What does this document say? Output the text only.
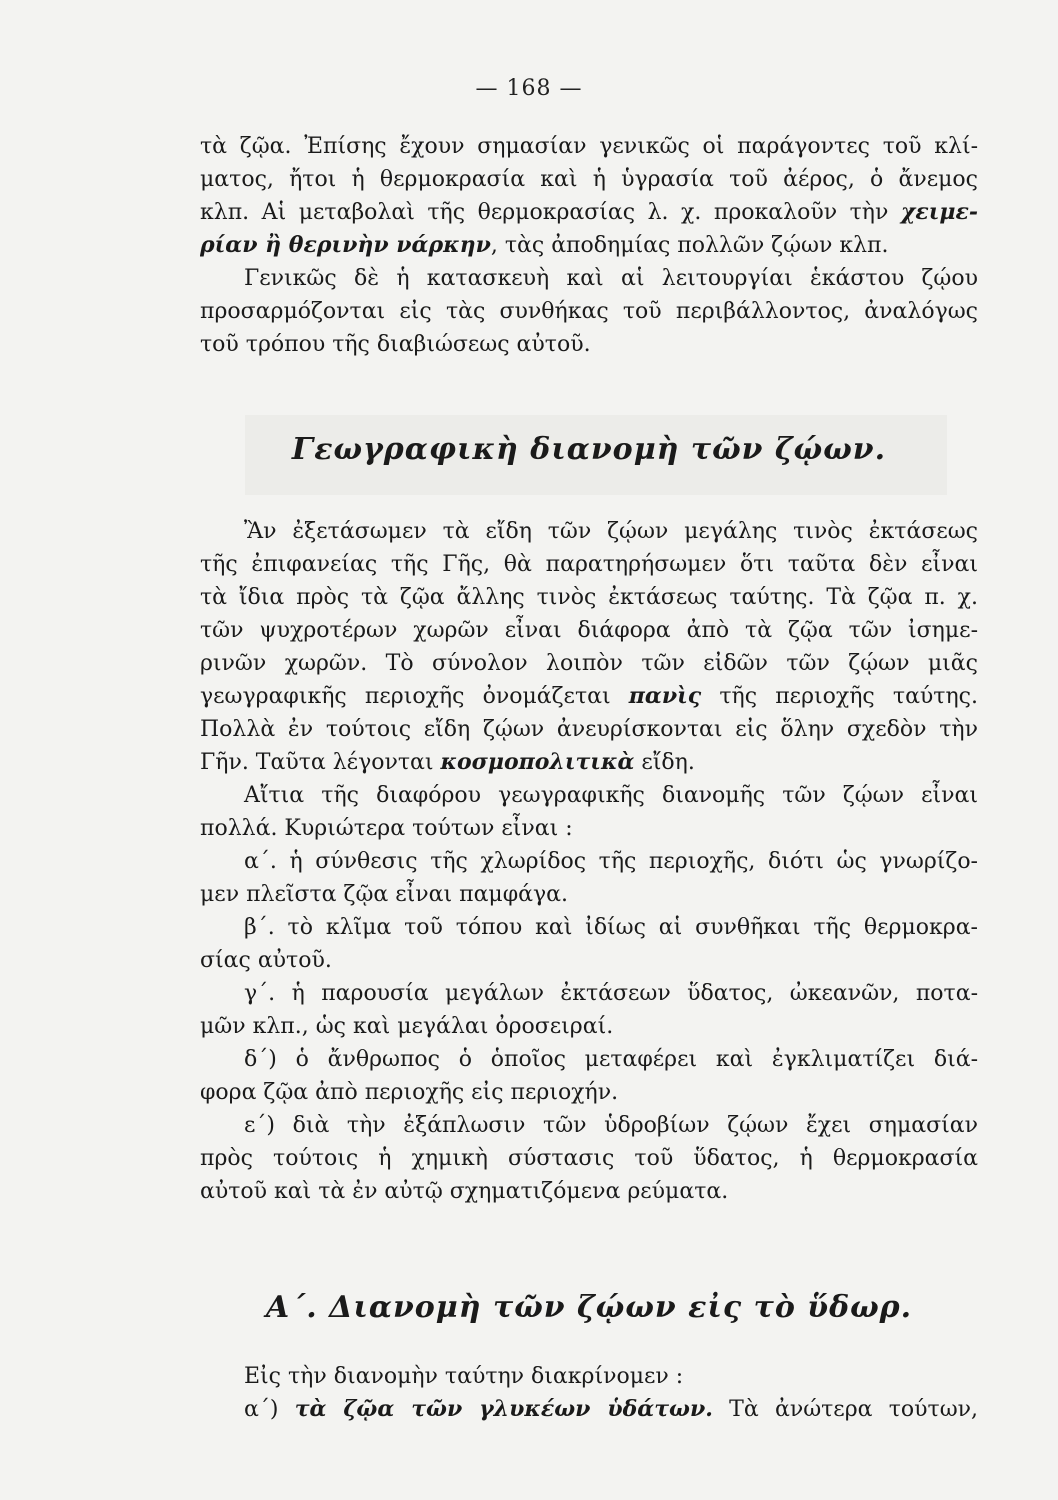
— 168 —
τὰ ζῷα. Ἐπίσης ἔχουν σημασίαν γενικῶς οἱ παράγοντες τοῦ κλί-
ματος, ἤτοι ἡ θερμοκρασία καὶ ἡ ὑγρασία τοῦ ἀέρος, ὁ ἄνεμος
κλπ. Αἱ μεταβολαὶ τῆς θερμοκρασίας λ. χ. προκαλοῦν τὴν χειμε-
ρίαν ἢ θερινὴν νάρκην, τὰς ἀποδημίας πολλῶν ζῴων κλπ.
Γενικῶς δὲ ἡ κατασκευὴ καὶ αἱ λειτουργίαι ἑκάστου ζῴου
προσαρμόζονται εἰς τὰς συνθήκας τοῦ περιβάλλοντος, ἀναλόγως
τοῦ τρόπου τῆς διαβιώσεως αὐτοῦ.
Γεωγραφικὴ διανομὴ τῶν ζῴων.
Ἂν ἐξετάσωμεν τὰ εἴδη τῶν ζῴων μεγάλης τινὸς ἐκτάσεως
τῆς ἐπιφανείας τῆς Γῆς, θὰ παρατηρήσωμεν ὅτι ταῦτα δὲν εἶναι
τὰ ἴδια πρὸς τὰ ζῷα ἄλλης τινὸς ἐκτάσεως ταύτης. Τὰ ζῷα π. χ.
τῶν ψυχροτέρων χωρῶν εἶναι διάφορα ἀπὸ τὰ ζῷα τῶν ἰσημε-
ρινῶν χωρῶν. Τὸ σύνολον λοιπὸν τῶν εἰδῶν τῶν ζῴων μιᾶς
γεωγραφικῆς περιοχῆς ὀνομάζεται πανὶς τῆς περιοχῆς ταύτης.
Πολλὰ ἐν τούτοις εἴδη ζῴων ἀνευρίσκονται εἰς ὅλην σχεδὸν τὴν
Γῆν. Ταῦτα λέγονται κοσμοπολιτικὰ εἴδη.
Αἴτια τῆς διαφόρου γεωγραφικῆς διανομῆς τῶν ζῴων εἶναι
πολλά. Κυριώτερα τούτων εἶναι :
α΄. ἡ σύνθεσις τῆς χλωρίδος τῆς περιοχῆς, διότι ὡς γνωρίζο-
μεν πλεῖστα ζῷα εἶναι παμφάγα.
β΄. τὸ κλῖμα τοῦ τόπου καὶ ἰδίως αἱ συνθῆκαι τῆς θερμοκρα-
σίας αὐτοῦ.
γ΄. ἡ παρουσία μεγάλων ἐκτάσεων ὕδατος, ὠκεανῶν, ποτα-
μῶν κλπ., ὡς καὶ μεγάλαι ὀροσειραί.
δ΄) ὁ ἄνθρωπος ὁ ὁποῖος μεταφέρει καὶ ἐγκλιματίζει διά-
φορα ζῷα ἀπὸ περιοχῆς εἰς περιοχήν.
ε΄) διὰ τὴν ἐξάπλωσιν τῶν ὑδροβίων ζῴων ἔχει σημασίαν
πρὸς τούτοις ἡ χημικὴ σύστασις τοῦ ὕδατος, ἡ θερμοκρασία
αὐτοῦ καὶ τὰ ἐν αὐτῷ σχηματιζόμενα ρεύματα.
Α΄. Διανομὴ τῶν ζῴων εἰς τὸ ὕδωρ.
Εἰς τὴν διανομὴν ταύτην διακρίνομεν :
α΄) τὰ ζῷα τῶν γλυκέων ὑδάτων. Τὰ ἀνώτερα τούτων,
